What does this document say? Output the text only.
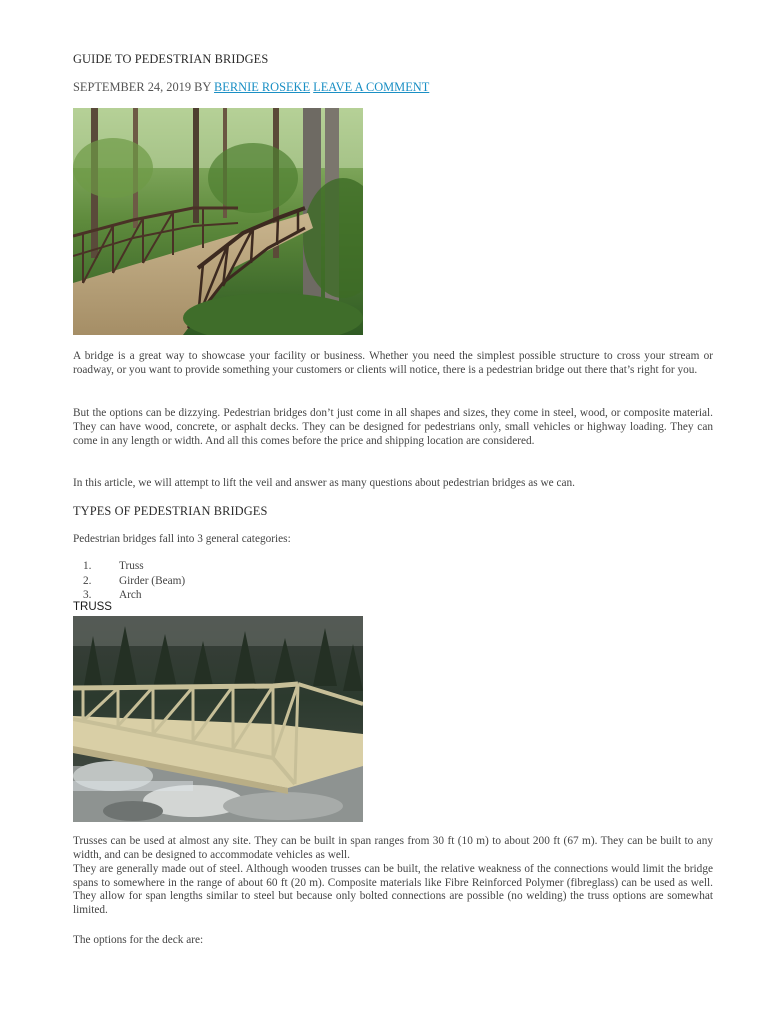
GUIDE TO PEDESTRIAN BRIDGES
SEPTEMBER 24, 2019 BY BERNIE ROSEKE LEAVE A COMMENT
A bridge is a great way to showcase your facility or business. Whether you need the simplest possible structure to cross your stream or roadway, or you want to provide something your customers or clients will notice, there is a pedestrian bridge out there that’s right for you.
But the options can be dizzying. Pedestrian bridges don’t just come in all shapes and sizes, they come in steel, wood, or composite material. They can have wood, concrete, or asphalt decks. They can be designed for pedestrians only, small vehicles or highway loading. They can come in any length or width. And all this comes before the price and shipping location are considered.
In this article, we will attempt to lift the veil and answer as many questions about pedestrian bridges as we can.
TYPES OF PEDESTRIAN BRIDGES
Pedestrian bridges fall into 3 general categories:
1.	Truss
2.	Girder (Beam)
3.	Arch
TRUSS
Trusses can be used at almost any site. They can be built in span ranges from 30 ft (10 m) to about 200 ft (67 m). They can be built to any width, and can be designed to accommodate vehicles as well.
They are generally made out of steel. Although wooden trusses can be built, the relative weakness of the connections would limit the bridge spans to somewhere in the range of about 60 ft (20 m). Composite materials like Fibre Reinforced Polymer (fibreglass) can be used as well. They allow for span lengths similar to steel but because only bolted connections are possible (no welding) the truss options are somewhat limited.
The options for the deck are:
